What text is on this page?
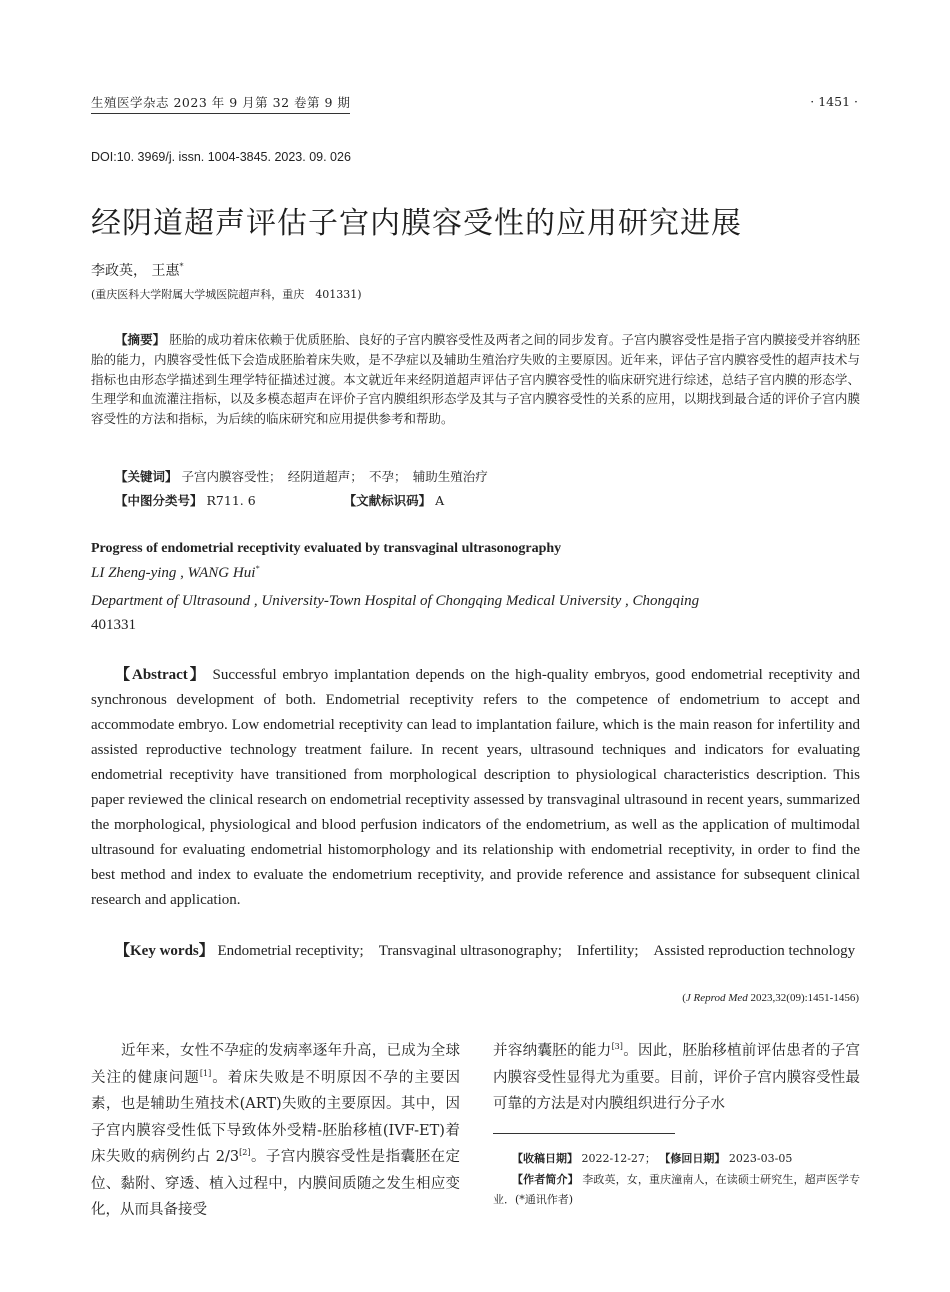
生殖医学杂志 2023 年 9 月第 32 卷第 9 期	· 1451 ·
DOI:10. 3969/j. issn. 1004-3845. 2023. 09. 026
经阴道超声评估子宫内膜容受性的应用研究进展
李政英， 王惠*
(重庆医科大学附属大学城医院超声科，重庆　401331)
【摘要】 胚胎的成功着床依赖于优质胚胎、良好的子宫内膜容受性及两者之间的同步发育。子宫内膜容受性是指子宫内膜接受并容纳胚胎的能力，内膜容受性低下会造成胚胎着床失败，是不孕症以及辅助生殖治疗失败的主要原因。近年来，评估子宫内膜容受性的超声技术与指标也由形态学描述到生理学特征描述过渡。本文就近年来经阴道超声评估子宫内膜容受性的临床研究进行综述，总结子宫内膜的形态学、生理学和血流灌注指标，以及多模态超声在评价子宫内膜组织形态学及其与子宫内膜容受性的关系的应用，以期找到最合适的评价子宫内膜容受性的方法和指标，为后续的临床研究和应用提供参考和帮助。
【关键词】 子宫内膜容受性；　经阴道超声；　不孕；　辅助生殖治疗
【中图分类号】 R711. 6	【文献标识码】 A
Progress of endometrial receptivity evaluated by transvaginal ultrasonography
LI Zheng-ying , WANG Hui*
Department of Ultrasound , University-Town Hospital of Chongqing Medical University , Chongqing
401331
【Abstract】 Successful embryo implantation depends on the high-quality embryos, good endometrial receptivity and synchronous development of both. Endometrial receptivity refers to the competence of endometrium to accept and accommodate embryo. Low endometrial receptivity can lead to implantation failure, which is the main reason for infertility and assisted reproductive technology treatment failure. In recent years, ultrasound techniques and indicators for evaluating endometrial receptivity have transitioned from morphological description to physiological characteristics description. This paper reviewed the clinical research on endometrial receptivity assessed by transvaginal ultrasound in recent years, summarized the morphological, physiological and blood perfusion indicators of the endometrium, as well as the application of multimodal ultrasound for evaluating endometrial histomorphology and its relationship with endometrial receptivity, in order to find the best method and index to evaluate the endometrium receptivity, and provide reference and assistance for subsequent clinical research and application.
【Key words】 Endometrial receptivity;　Transvaginal ultrasonography;　Infertility;　Assisted reproduction technology
(J Reprod Med 2023,32(09):1451-1456)
近年来，女性不孕症的发病率逐年升高，已成为全球关注的健康问题[1]。着床失败是不明原因不孕的主要因素，也是辅助生殖技术(ART)失败的主要原因。其中，因子宫内膜容受性低下导致体外受精-胚胎移植(IVF-ET)着床失败的病例约占 2/3[2]。子宫内膜容受性是指囊胚在定位、黏附、穿透、植入过程中，内膜间质随之发生相应变化，从而具备接受
并容纳囊胚的能力[3]。因此，胚胎移植前评估患者的子宫内膜容受性显得尤为重要。目前，评价子宫内膜容受性最可靠的方法是对内膜组织进行分子水
【收稿日期】 2022-12-27； 【修回日期】 2023-03-05
【作者简介】 李政英，女，重庆潼南人，在读硕士研究生，超声医学专业．(*通讯作者)
